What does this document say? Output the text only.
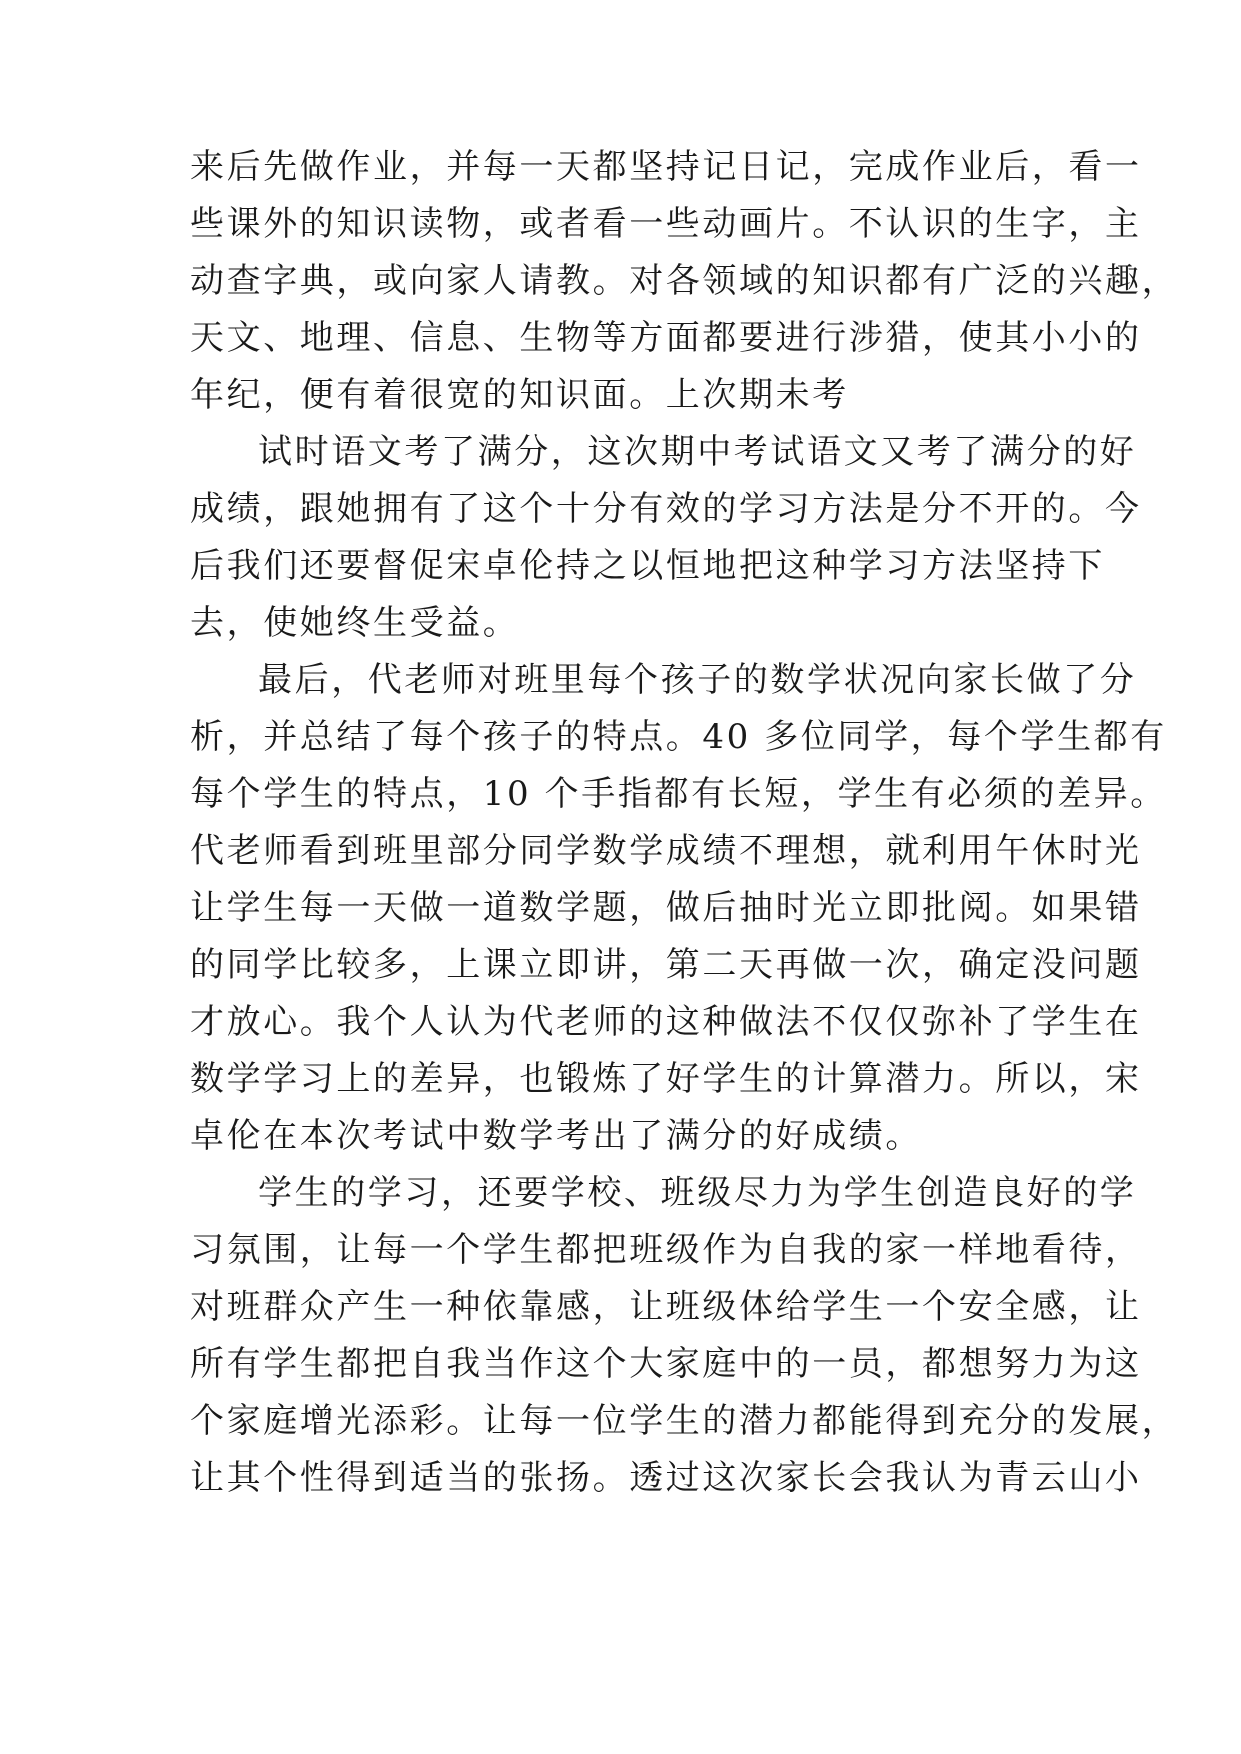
来后先做作业，并每一天都坚持记日记，完成作业后，看一
些课外的知识读物，或者看一些动画片。不认识的生字，主
动查字典，或向家人请教。对各领域的知识都有广泛的兴趣，
天文、地理、信息、生物等方面都要进行涉猎，使其小小的
年纪，便有着很宽的知识面。上次期未考
试时语文考了满分，这次期中考试语文又考了满分的好
成绩，跟她拥有了这个十分有效的学习方法是分不开的。今
后我们还要督促宋卓伦持之以恒地把这种学习方法坚持下
去，使她终生受益。
最后，代老师对班里每个孩子的数学状况向家长做了分
析，并总结了每个孩子的特点。40 多位同学，每个学生都有
每个学生的特点，10 个手指都有长短，学生有必须的差异。
代老师看到班里部分同学数学成绩不理想，就利用午休时光
让学生每一天做一道数学题，做后抽时光立即批阅。如果错
的同学比较多，上课立即讲，第二天再做一次，确定没问题
才放心。我个人认为代老师的这种做法不仅仅弥补了学生在
数学学习上的差异，也锻炼了好学生的计算潜力。所以，宋
卓伦在本次考试中数学考出了满分的好成绩。
学生的学习，还要学校、班级尽力为学生创造良好的学
习氛围，让每一个学生都把班级作为自我的家一样地看待，
对班群众产生一种依靠感，让班级体给学生一个安全感，让
所有学生都把自我当作这个大家庭中的一员，都想努力为这
个家庭增光添彩。让每一位学生的潜力都能得到充分的发展，
让其个性得到适当的张扬。透过这次家长会我认为青云山小
